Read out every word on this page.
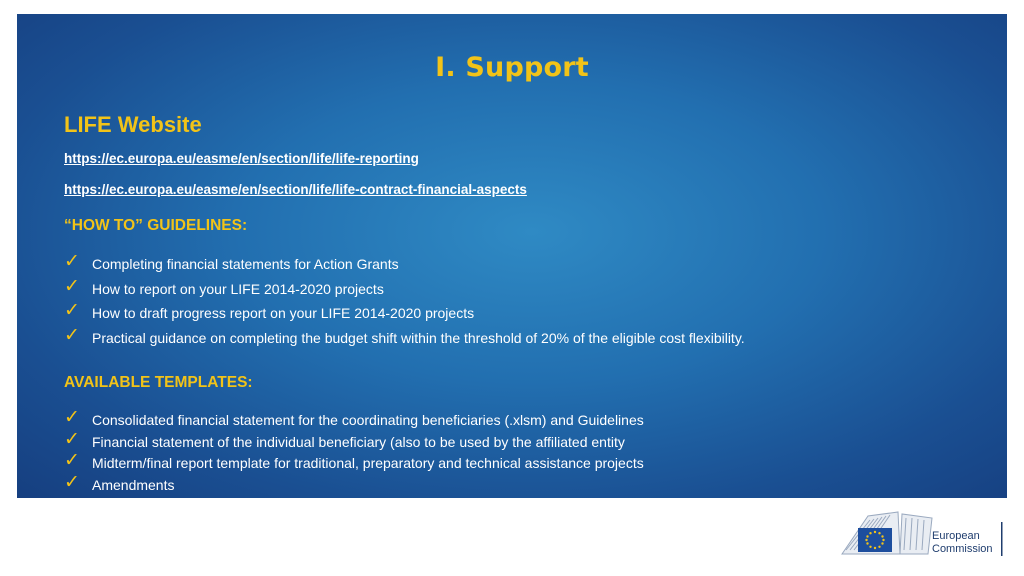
I. Support
LIFE Website
https://ec.europa.eu/easme/en/section/life/life-reporting
https://ec.europa.eu/easme/en/section/life/life-contract-financial-aspects
“HOW TO” GUIDELINES:
✓ Completing financial statements for Action Grants
✓ How to report on your LIFE 2014-2020 projects
✓ How to draft progress report on your LIFE 2014-2020 projects
✓ Practical guidance on completing the budget shift within the threshold of 20% of the eligible cost flexibility.
AVAILABLE TEMPLATES:
✓ Consolidated financial statement for the coordinating beneficiaries (.xlsm) and Guidelines
✓ Financial statement of the individual beneficiary (also to be used by the affiliated entity
✓ Midterm/final report template for traditional, preparatory and technical assistance projects
✓ Amendments
European
Commission
